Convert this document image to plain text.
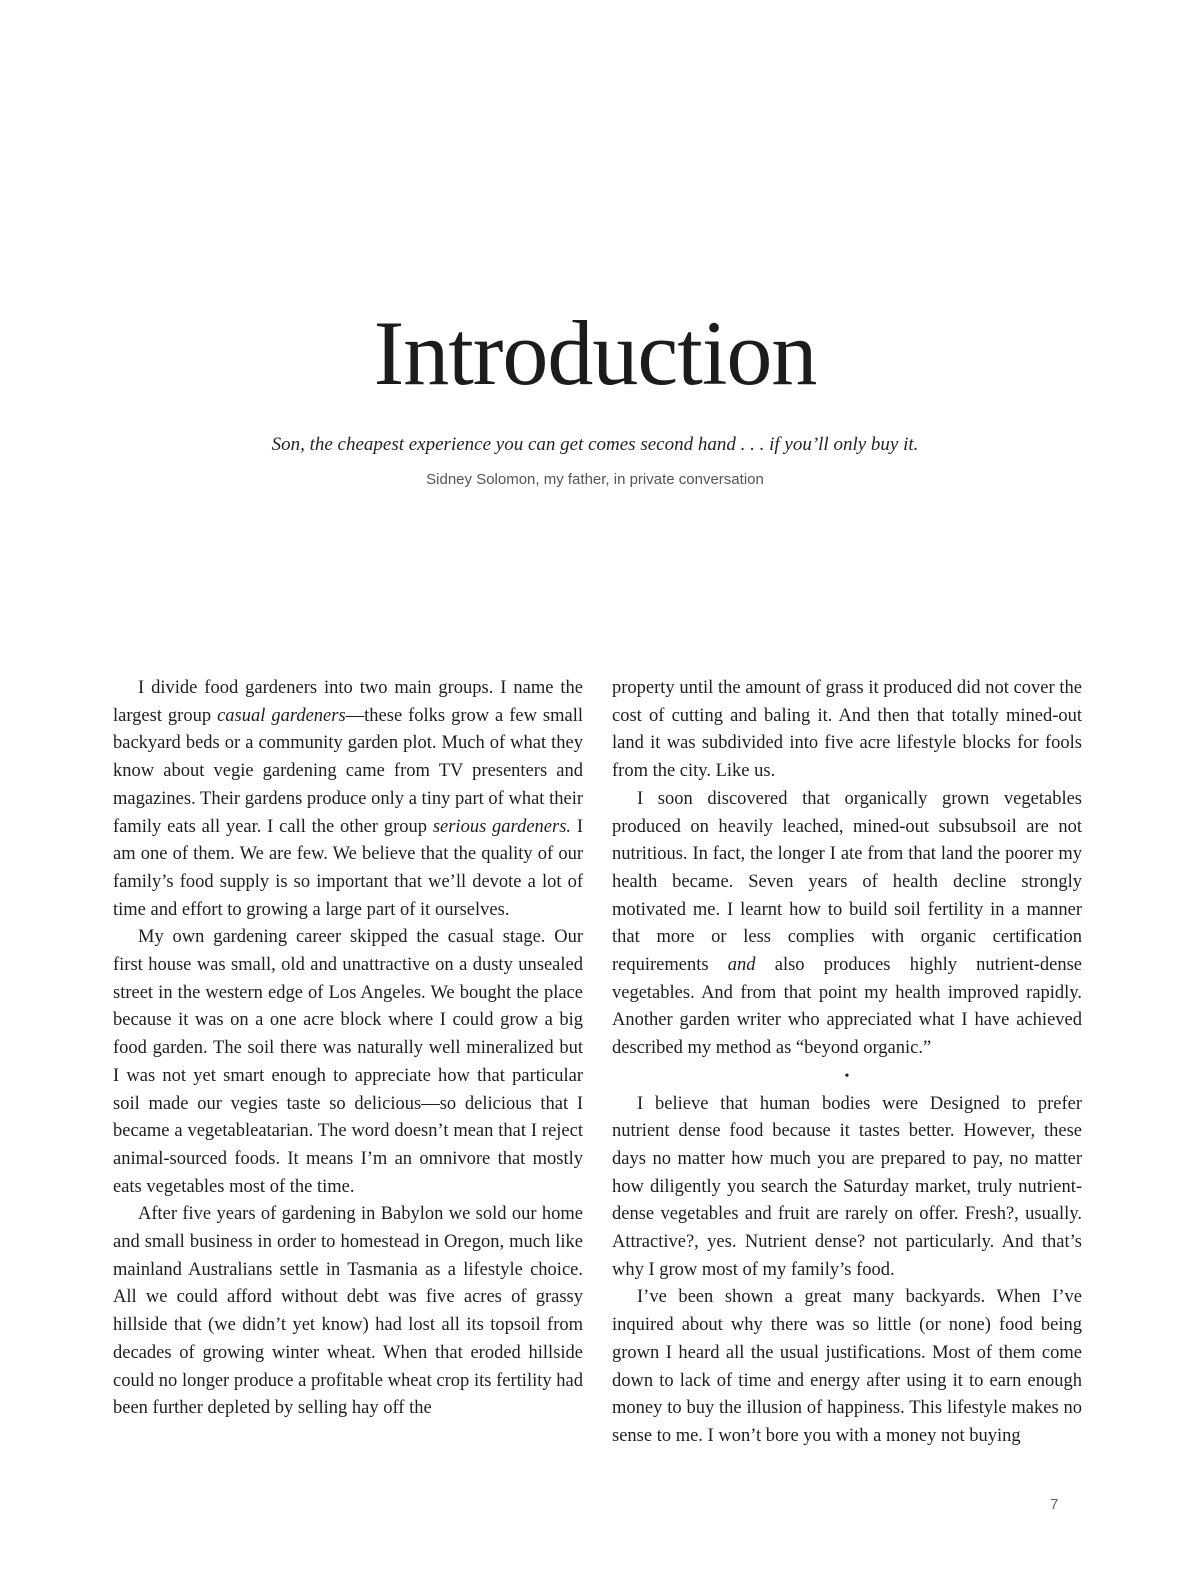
Introduction
Son, the cheapest experience you can get comes second hand . . . if you’ll only buy it.
Sidney Solomon, my father, in private conversation

I divide food gardeners into two main groups. I name the largest group casual gardeners—these folks grow a few small backyard beds or a community garden plot. Much of what they know about vegie gardening came from TV presenters and magazines. Their gardens produce only a tiny part of what their family eats all year. I call the other group serious gardeners. I am one of them. We are few. We believe that the quality of our family’s food supply is so important that we’ll devote a lot of time and effort to growing a large part of it ourselves.

My own gardening career skipped the casual stage. Our first house was small, old and unattractive on a dusty unsealed street in the western edge of Los Angeles. We bought the place because it was on a one acre block where I could grow a big food garden. The soil there was naturally well mineralized but I was not yet smart enough to appreciate how that particular soil made our vegies taste so delicious—so delicious that I became a vegetableatarian. The word doesn’t mean that I reject animal-sourced foods. It means I’m an omnivore that mostly eats vegetables most of the time.

After five years of gardening in Babylon we sold our home and small business in order to homestead in Oregon, much like mainland Australians settle in Tasmania as a lifestyle choice. All we could afford without debt was five acres of grassy hillside that (we didn’t yet know) had lost all its topsoil from decades of growing winter wheat. When that eroded hillside could no longer produce a profitable wheat crop its fertility had been further depleted by selling hay off the

property until the amount of grass it produced did not cover the cost of cutting and baling it. And then that totally mined-out land it was subdivided into five acre lifestyle blocks for fools from the city. Like us.

I soon discovered that organically grown vegetables produced on heavily leached, mined-out subsubsoil are not nutritious. In fact, the longer I ate from that land the poorer my health became. Seven years of health decline strongly motivated me. I learnt how to build soil fertility in a manner that more or less complies with organic certification requirements and also produces highly nutrient-dense vegetables. And from that point my health improved rapidly. Another garden writer who appreciated what I have achieved described my method as “beyond organic.”

•

I believe that human bodies were Designed to prefer nutrient dense food because it tastes better. However, these days no matter how much you are prepared to pay, no matter how diligently you search the Saturday market, truly nutrient-dense vegetables and fruit are rarely on offer. Fresh?, usually. Attractive?, yes. Nutrient dense? not particularly. And that’s why I grow most of my family’s food.

I’ve been shown a great many backyards. When I’ve inquired about why there was so little (or none) food being grown I heard all the usual justifications. Most of them come down to lack of time and energy after using it to earn enough money to buy the illusion of happiness. This lifestyle makes no sense to me. I won’t bore you with a money not buying

7
